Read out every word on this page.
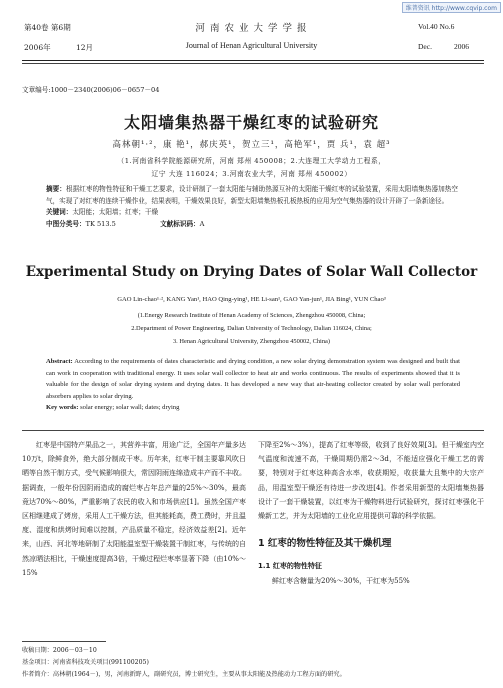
维普资讯 http://www.cqvip.com
第40卷 第6期	河 南 农 业 大 学 学 报	Vol.40 No.6
2006年	12月	Journal of Henan Agricultural University	Dec.	2006
文章编号:1000－2340(2006)06－0657－04
太阳墙集热器干燥红枣的试验研究
高林朝¹·²，康 艳¹，郝庆英¹，贺立三¹，高艳军¹，贾 兵¹，袁 超³
（1.河南省科学院能源研究所，河南 郑州 450008；2.大连理工大学动力工程系，
辽宁 大连 116024；3.河南农业大学，河南 郑州 450002）
摘要：根据红枣的物性特征和干燥工艺要求，设计研制了一套太阳能与辅助热源互补的太阳能干燥红枣的试验装置，采用太阳墙集热器加热空气，实现了对红枣的连续干燥作业，结果表明，干燥效果良好，新型太阳墙集热板孔板热板的应用为空气集热器的设计开辟了一条新途径。
关键词：太阳能；太阳墙；红枣；干燥
中图分类号：TK 513.5	文献标识码：A
Experimental Study on Drying Dates of Solar Wall Collector
GAO Lin-chao¹·², KANG Yan¹, HAO Qing-ying¹, HE Li-san¹, GAO Yan-jun¹, JIA Bing¹, YUN Chao³
(1.Energy Research Institute of Henan Academy of Sciences, Zhengzhou 450008, China;
2.Department of Power Engineering, Dalian University of Technology, Dalian 116024, China;
3. Henan Agricultural University, Zhengzhou 450002, China)
Abstract: According to the requirements of dates characteristic and drying condition, a new solar drying demonstration system was designed and built that can work in cooperation with traditional energy. It uses solar wall collector to heat air and works continuous. The results of experiments showed that it is valuable for the design of solar drying system and drying dates. It has developed a new way that air-heating collector created by solar wall perforated absorbers applies to solar drying.
Key words: solar energy; solar wall; dates; drying

红枣是中国特产果品之一，其营养丰富，用途广泛，全国年产量多达10万t，除鲜食外，绝大部分制成干枣。历年来，红枣干制主要靠风吹日晒等自然干制方式，受气候影响很大，常因阴雨连绵造成丰产而不丰收。据调查，一般年份因阴雨造成的腐烂枣占年总产量的25%～30%，最高竟达70%～80%，严重影响了农民的收入和市场供应[1]。虽然全国产枣区相继建成了烤房，采用人工干燥方法，但其能耗高，费工费时，并且温度、湿度和烘烤时间难以控制，产品质量不稳定，经济效益差[2]。近年来，山西、河北等地研制了太阳能温室型干燥装置干制红枣，与传统的自然凉晒法相比，干燥速度提高3倍，干燥过程烂枣率显著下降（由10%～15%

下降至2%～3%），提高了红枣等级，收到了良好效果[3]。但干燥室内空气温度和流速不高，干燥周期仍需2～3d，不能适应强化干燥工艺的需要，特别对于红枣这种高含水率，收获期短，收获量大且集中的大宗产品，用温室型干燥还有待进一步改进[4]。作者采用新型的太阳墙集热器设计了一套干燥装置，以红枣为干燥物料进行试验研究，探讨红枣强化干燥新工艺，并为太阳墙的工业化应用提供可靠的科学依据。

1 红枣的物性特征及其干燥机理
1.1 红枣的物性特征

鲜红枣含糖量为20%～30%，干红枣为55%

收稿日期：2006－03－10
基金项目：河南省科技攻关项目(991100205)
作者简介：高林朝(1964－)，男，河南新野人，副研究员，博士研究生，主要从事太阳能及热能动力工程方面的研究。
